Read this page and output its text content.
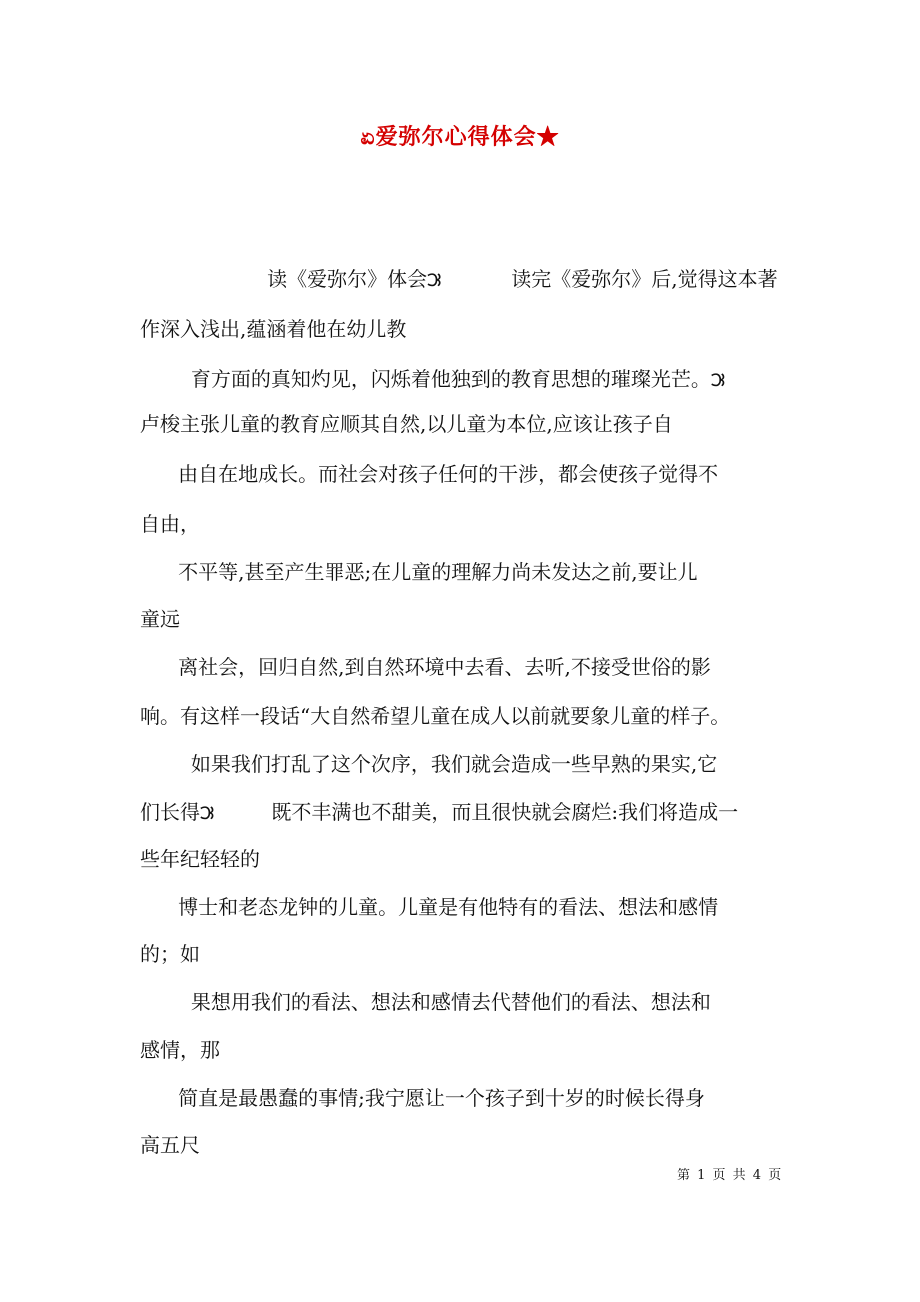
ಏ爱弥尔心得体会★

读《爱弥尔》体会౫           读完《爱弥尔》后,觉得这本著

作深入浅出,蕴涵着他在幼儿教

育方面的真知灼见，闪烁着他独到的教育思想的璀璨光芒。౫

卢梭主张儿童的教育应顺其自然,以儿童为本位,应该让孩子自

由自在地成长。而社会对孩子任何的干涉，都会使孩子觉得不

自由，

不平等,甚至产生罪恶;在儿童的理解力尚未发达之前,要让儿

童远

离社会，回归自然,到自然环境中去看、去听,不接受世俗的影

响。有这样一段话“大自然希望儿童在成人以前就要象儿童的样子。

如果我们打乱了这个次序，我们就会造成一些早熟的果实,它

们长得౫         既不丰满也不甜美，而且很快就会腐烂:我们将造成一

些年纪轻轻的

博士和老态龙钟的儿童。儿童是有他特有的看法、想法和感情

的；如

果想用我们的看法、想法和感情去代替他们的看法、想法和

感情，那

简直是最愚蠢的事情;我宁愿让一个孩子到十岁的时候长得身

高五尺

第 1 页 共 4 页
